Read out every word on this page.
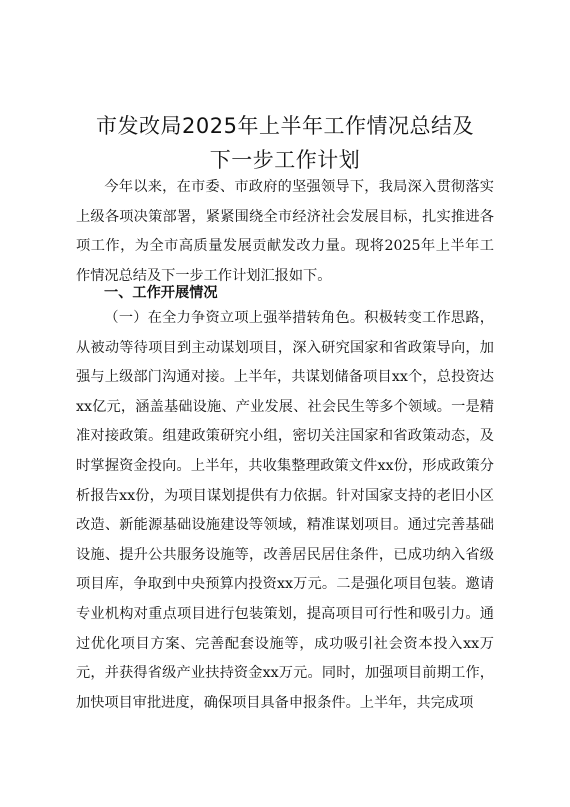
市发改局2025年上半年工作情况总结及
下一步工作计划

今年以来，在市委、市政府的坚强领导下，我局深入贯彻落实上级各项决策部署，紧紧围绕全市经济社会发展目标，扎实推进各项工作，为全市高质量发展贡献发改力量。现将2025年上半年工作情况总结及下一步工作计划汇报如下。

一、工作开展情况

（一）在全力争资立项上强举措转角色。积极转变工作思路，从被动等待项目到主动谋划项目，深入研究国家和省政策导向，加强与上级部门沟通对接。上半年，共谋划储备项目xx个，总投资达xx亿元，涵盖基础设施、产业发展、社会民生等多个领域。一是精准对接政策。组建政策研究小组，密切关注国家和省政策动态，及时掌握资金投向。上半年，共收集整理政策文件xx份，形成政策分析报告xx份，为项目谋划提供有力依据。针对国家支持的老旧小区改造、新能源基础设施建设等领域，精准谋划项目。通过完善基础设施、提升公共服务设施等，改善居民居住条件，已成功纳入省级项目库，争取到中央预算内投资xx万元。二是强化项目包装。邀请专业机构对重点项目进行包装策划，提高项目可行性和吸引力。通过优化项目方案、完善配套设施等，成功吸引社会资本投入xx万元，并获得省级产业扶持资金xx万元。同时，加强项目前期工作，加快项目审批进度，确保项目具备申报条件。上半年，共完成项
